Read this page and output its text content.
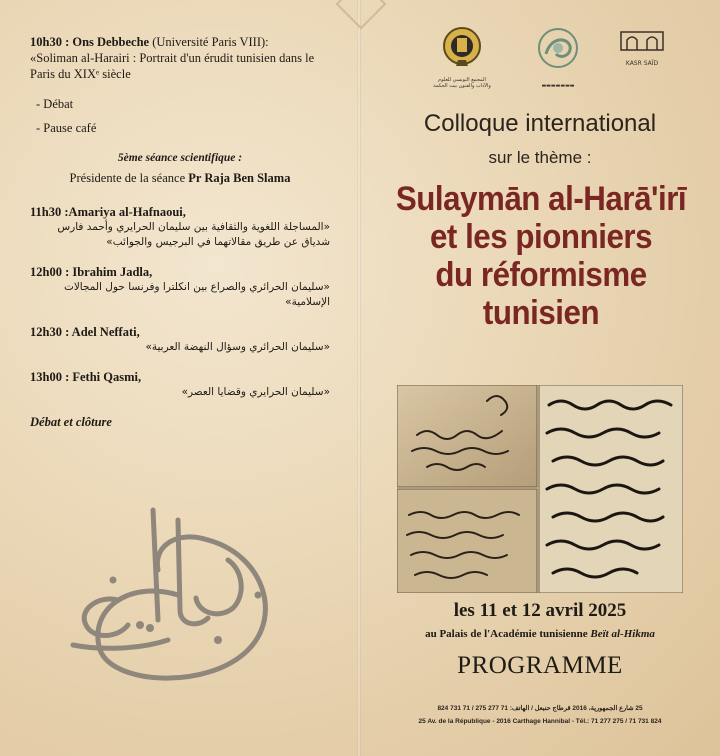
10h30 : Ons Debbeche (Université Paris VIII):
«Soliman al-Harairi : Portrait d'un érudit tunisien dans le Paris du XIXᵉ siècle
- Débat
- Pause café
5ème séance scientifique :
Présidente de la séance Pr Raja Ben Slama
11h30 :Amariya al-Hafnaoui,
«المساجلة اللغوية والثقافية بين سليمان الحرايري وأحمد فارس شدياق عن طريق مقالاتهما في البرجيس والجوائب»
12h00 : Ibrahim Jadla,
«سليمان الحرائري والصراع بين انكلترا وفرنسا حول المجالات الإسلامية»
12h30 : Adel Neffati,
«سليمان الحرائري وسؤال النهضة العربية»
13h00 : Fethi Qasmi,
«سليمان الحرايري وقضايا العصر»
Débat et clôture
المجمع التونسي للعلوم والآداب والفنون بيت الحكمة	▬▬▬▬▬▬▬
KASR SAÏD
Colloque international
sur le thème :
Sulaymān al-Harā'irī
et les pionniers
du réformisme
tunisien
les 11 et 12 avril 2025
au Palais de l'Académie tunisienne Beït al-Hikma
PROGRAMME
25 شارع الجمهورية، 2016 قرطاج حنبعل / الهاتف: 71 277 275 / 71 731 824
25 Av. de la République - 2016 Carthage Hannibal - Tél.: 71 277 275 / 71 731 824
